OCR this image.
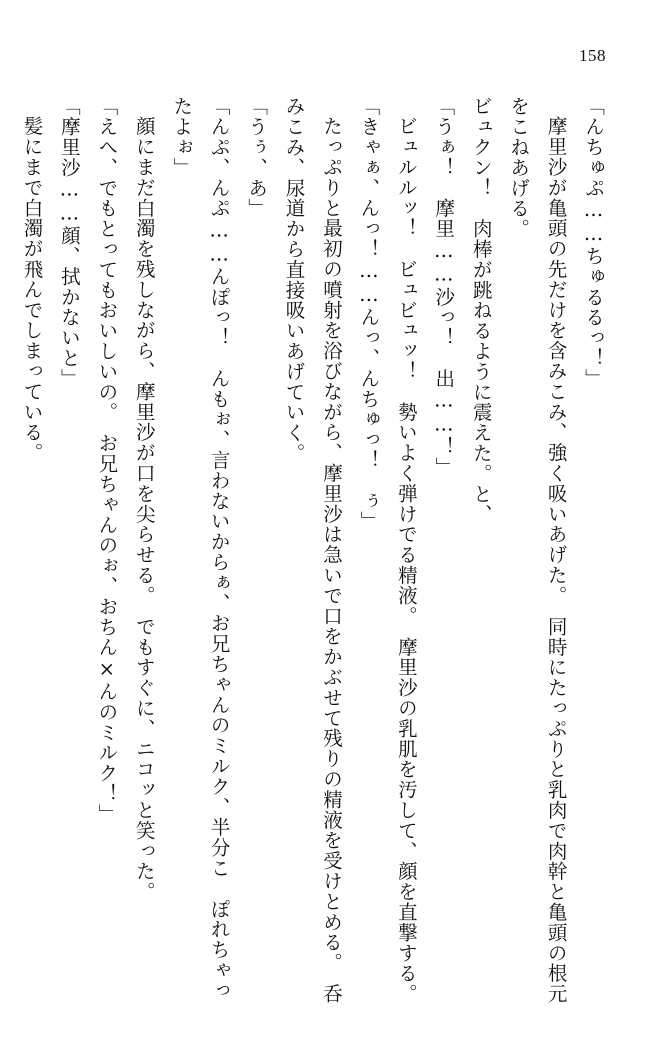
158

「んちゅぷ……ちゅるるっ！」

摩里沙が亀頭の先だけを含みこみ、強く吸いあげた。　同時にたっぷりと乳肉で肉幹と亀頭の根元をこねあげる。

ビュクン！　肉棒が跳ねるように震えた。と、

「うぁ！　摩里……沙っ！　出……！」

ビュルルッ！　ビュビュッ！　勢いよく弾けでる精液。　摩里沙の乳肌を汚して、顔を直撃する。

「きゃぁ、んっ！……んっ、んちゅっ！　ぅ」

たっぷりと最初の噴射を浴びながら、摩里沙は急いで口をかぶせて残りの精液を受けとめる。　呑みこみ、尿道から直接吸いあげていく。

「うぅ、あ」

「んぷ、んぷ……んぽっ！　んもぉ、言わないからぁ、お兄ちゃんのミルク、半分こ　ぽれちゃったよぉ」

顔にまだ白濁を残しながら、摩里沙が口を尖らせる。　でもすぐに、ニコッと笑った。

「えへ、でもとってもおいしいの。　お兄ちゃんのぉ、おちん×んのミルク！」

「摩里沙……顔、拭かないと」

髪にまで白濁が飛んでしまっている。
